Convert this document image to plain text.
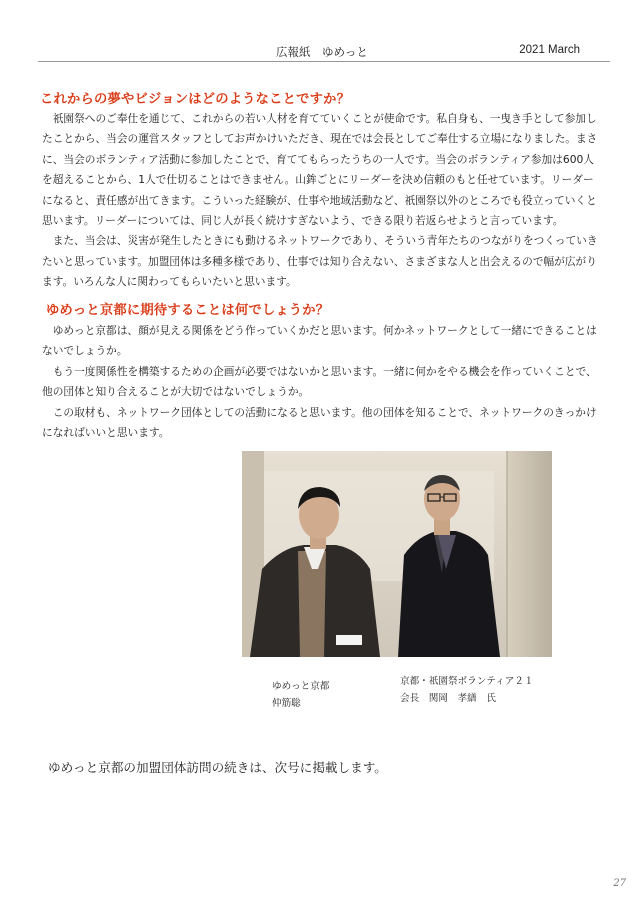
広報紙　ゆめっと	2021 March
これからの夢やビジョンはどのようなことですか？

祇園祭へのご奉仕を通じて、これからの若い人材を育てていくことが使命です。私自身も、一曳き手として参加したことから、当会の運営スタッフとしてお声かけいただき、現在では会長としてご奉仕する立場になりました。まさに、当会のボランティア活動に参加したことで、育ててもらったうちの一人です。当会のボランティア参加は600人を超えることから、1人で仕切ることはできません。山鉾ごとにリーダーを決め信頼のもと任せています。リーダーになると、責任感が出てきます。こういった経験が、仕事や地域活動など、祇園祭以外のところでも役立っていくと思います。リーダーについては、同じ人が長く続けすぎないよう、できる限り若返らせようと言っています。

また、当会は、災害が発生したときにも動けるネットワークであり、そういう青年たちのつながりをつくっていきたいと思っています。加盟団体は多種多様であり、仕事では知り合えない、さまざまな人と出会えるので幅が広がります。いろんな人に関わってもらいたいと思います。

ゆめっと京都に期待することは何でしょうか？

ゆめっと京都は、顔が見える関係をどう作っていくかだと思います。何かネットワークとして一緒にできることはないでしょうか。

もう一度関係性を構築するための企画が必要ではないかと思います。一緒に何かをやる機会を作っていくことで、他の団体と知り合えることが大切ではないでしょうか。

この取材も、ネットワーク団体としての活動になると思います。他の団体を知ることで、ネットワークのきっかけになればいいと思います。

ゆめっと京都
仲筋聡
京都・祇園祭ボランティア２１
会長　関岡　孝繕　氏
ゆめっと京都の加盟団体訪問の続きは、次号に掲載します。
27
